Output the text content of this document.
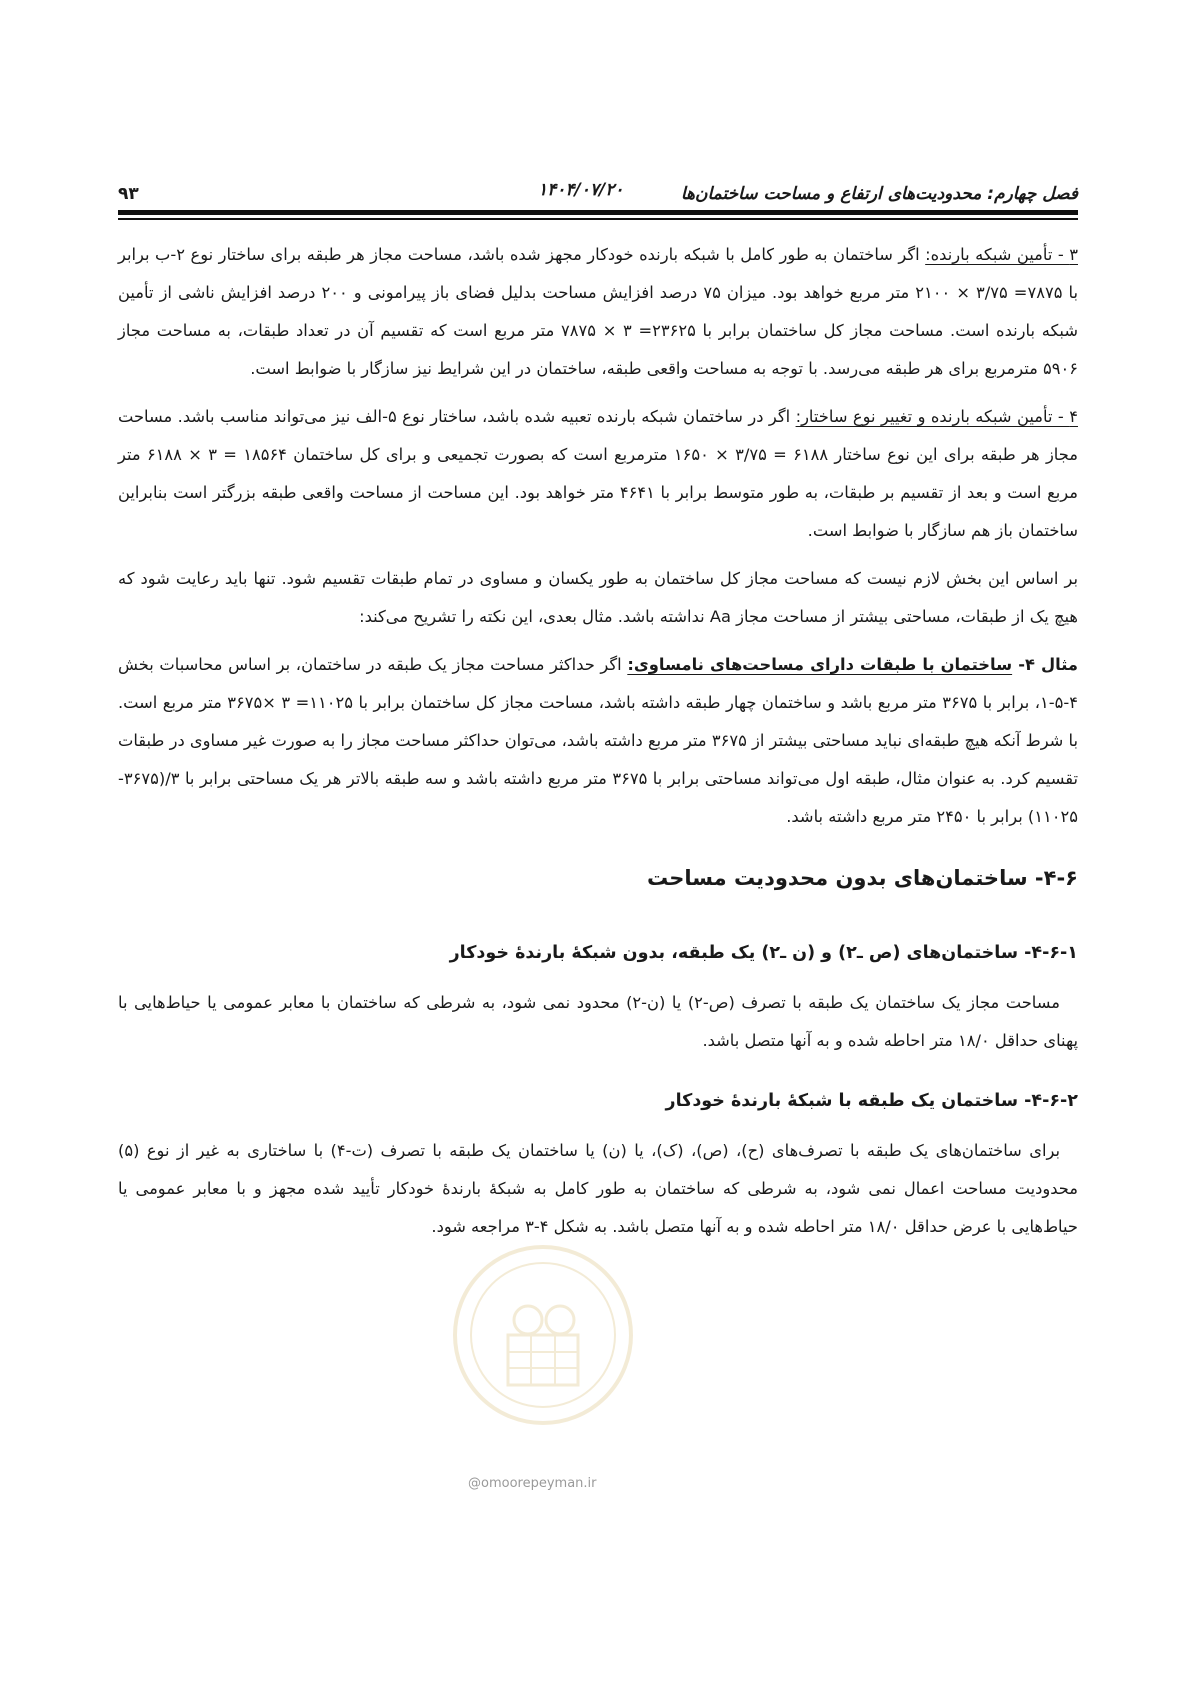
فصل چهارم: محدودیت‌های ارتفاع و مساحت ساختمان‌ها
۱۴۰۴/۰۷/۲۰
۹۳

۳ - تأمین شبکه بارنده: اگر ساختمان به طور کامل با شبکه بارنده خودکار مجهز شده باشد، مساحت مجاز هر طبقه برای ساختار نوع ۲-ب برابر با ۷۸۷۵= ۳/۷۵ × ۲۱۰۰ متر مربع خواهد بود. میزان ۷۵ درصد افزایش مساحت بدلیل فضای باز پیرامونی و ۲۰۰ درصد افزایش ناشی از تأمین شبکه بارنده است. مساحت مجاز کل ساختمان برابر با ۲۳۶۲۵= ۳ × ۷۸۷۵ متر مربع است که تقسیم آن در تعداد طبقات، به مساحت مجاز ۵۹۰۶ مترمربع برای هر طبقه می‌رسد. با توجه به مساحت واقعی طبقه، ساختمان در این شرایط نیز سازگار با ضوابط است.

۴ - تأمین شبکه بارنده و تغییر نوع ساختار: اگر در ساختمان شبکه بارنده تعبیه شده باشد، ساختار نوع ۵-الف نیز می‌تواند مناسب باشد. مساحت مجاز هر طبقه برای این نوع ساختار ۶۱۸۸ = ۳/۷۵ × ۱۶۵۰ مترمربع است که بصورت تجمیعی و برای کل ساختمان ۱۸۵۶۴ = ۳ × ۶۱۸۸ متر مربع است و بعد از تقسیم بر طبقات، به طور متوسط برابر با ۴۶۴۱ متر خواهد بود. این مساحت از مساحت واقعی طبقه بزرگتر است بنابراین ساختمان باز هم سازگار با ضوابط است.

بر اساس این بخش لازم نیست که مساحت مجاز کل ساختمان به طور یکسان و مساوی در تمام طبقات تقسیم شود. تنها باید رعایت شود که هیچ یک از طبقات، مساحتی بیشتر از مساحت مجاز Aa نداشته باشد. مثال بعدی، این نکته را تشریح می‌کند:

مثال ۴- ساختمان با طبقات دارای مساحت‌های نامساوی: اگر حداکثر مساحت مجاز یک طبقه در ساختمان، بر اساس محاسبات بخش ۴-۵-۱، برابر با ۳۶۷۵ متر مربع باشد و ساختمان چهار طبقه داشته باشد، مساحت مجاز کل ساختمان برابر با ۱۱۰۲۵= ۳ ×۳۶۷۵ متر مربع است. با شرط آنکه هیچ طبقه‌ای نباید مساحتی بیشتر از ۳۶۷۵ متر مربع داشته باشد، می‌توان حداکثر مساحت مجاز را به صورت غیر مساوی در طبقات تقسیم کرد. به عنوان مثال، طبقه اول می‌تواند مساحتی برابر با ۳۶۷۵ متر مربع داشته باشد و سه طبقه بالاتر هر یک مساحتی برابر با ۳/(۳۶۷۵- ۱۱۰۲۵) برابر با ۲۴۵۰ متر مربع داشته باشد.

۴-۶- ساختمان‌های بدون محدودیت مساحت
۴-۶-۱- ساختمان‌های (ص ـ۲) و (ن ـ۲) یک طبقه، بدون شبکۀ بارندۀ خودکار

مساحت مجاز یک ساختمان یک طبقه با تصرف (ص-۲) یا (ن-۲) محدود نمی شود، به شرطی که ساختمان با معابر عمومی یا حیاط‌هایی با پهنای حداقل ۱۸/۰ متر احاطه شده و به آنها متصل باشد.

۴-۶-۲- ساختمان یک طبقه با شبکۀ بارندۀ خودکار

برای ساختمان‌های یک طبقه با تصرف‌های (ح)، (ص)، (ک)، یا (ن) یا ساختمان یک طبقه با تصرف (ت-۴) با ساختاری به غیر از نوع (۵) محدودیت مساحت اعمال نمی شود، به شرطی که ساختمان به طور کامل به شبکۀ بارندۀ خودکار تأیید شده مجهز و با معابر عمومی یا حیاط‌هایی با عرض حداقل ۱۸/۰ متر احاطه شده و به آنها متصل باشد. به شکل ۴-۳ مراجعه شود.

@omoorepeyman.ir
